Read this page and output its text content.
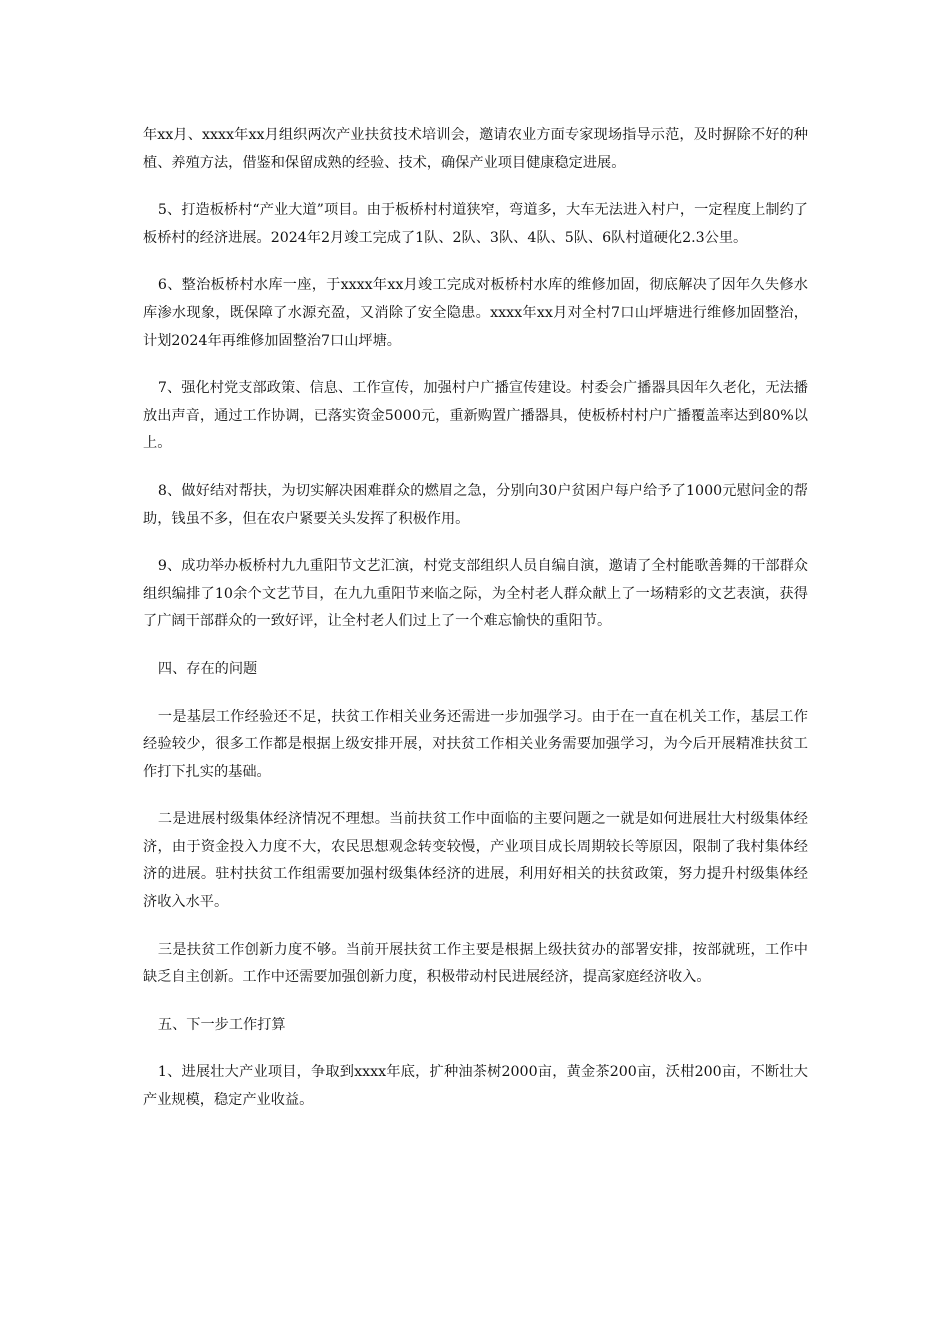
年xx月、xxxx年xx月组织两次产业扶贫技术培训会，邀请农业方面专家现场指导示范，及时摒除不好的种植、养殖方法，借鉴和保留成熟的经验、技术，确保产业项目健康稳定进展。

5、打造板桥村“产业大道”项目。由于板桥村村道狭窄，弯道多，大车无法进入村户，一定程度上制约了板桥村的经济进展。2024年2月竣工完成了1队、2队、3队、4队、5队、6队村道硬化2.3公里。

6、整治板桥村水库一座，于xxxx年xx月竣工完成对板桥村水库的维修加固，彻底解决了因年久失修水库渗水现象，既保障了水源充盈，又消除了安全隐患。xxxx年xx月对全村7口山坪塘进行维修加固整治，计划2024年再维修加固整治7口山坪塘。

7、强化村党支部政策、信息、工作宣传，加强村户广播宣传建设。村委会广播器具因年久老化，无法播放出声音，通过工作协调，已落实资金5000元，重新购置广播器具，使板桥村村户广播覆盖率达到80%以上。

8、做好结对帮扶，为切实解决困难群众的燃眉之急，分别向30户贫困户每户给予了1000元慰问金的帮助，钱虽不多，但在农户紧要关头发挥了积极作用。

9、成功举办板桥村九九重阳节文艺汇演，村党支部组织人员自编自演，邀请了全村能歌善舞的干部群众组织编排了10余个文艺节目，在九九重阳节来临之际，为全村老人群众献上了一场精彩的文艺表演，获得了广阔干部群众的一致好评，让全村老人们过上了一个难忘愉快的重阳节。

四、存在的问题

一是基层工作经验还不足，扶贫工作相关业务还需进一步加强学习。由于在一直在机关工作，基层工作经验较少，很多工作都是根据上级安排开展，对扶贫工作相关业务需要加强学习，为今后开展精准扶贫工作打下扎实的基础。

二是进展村级集体经济情况不理想。当前扶贫工作中面临的主要问题之一就是如何进展壮大村级集体经济，由于资金投入力度不大，农民思想观念转变较慢，产业项目成长周期较长等原因，限制了我村集体经济的进展。驻村扶贫工作组需要加强村级集体经济的进展，利用好相关的扶贫政策，努力提升村级集体经济收入水平。

三是扶贫工作创新力度不够。当前开展扶贫工作主要是根据上级扶贫办的部署安排，按部就班，工作中缺乏自主创新。工作中还需要加强创新力度，积极带动村民进展经济，提高家庭经济收入。

五、下一步工作打算

1、进展壮大产业项目，争取到xxxx年底，扩种油茶树2000亩，黄金茶200亩，沃柑200亩，不断壮大产业规模，稳定产业收益。
